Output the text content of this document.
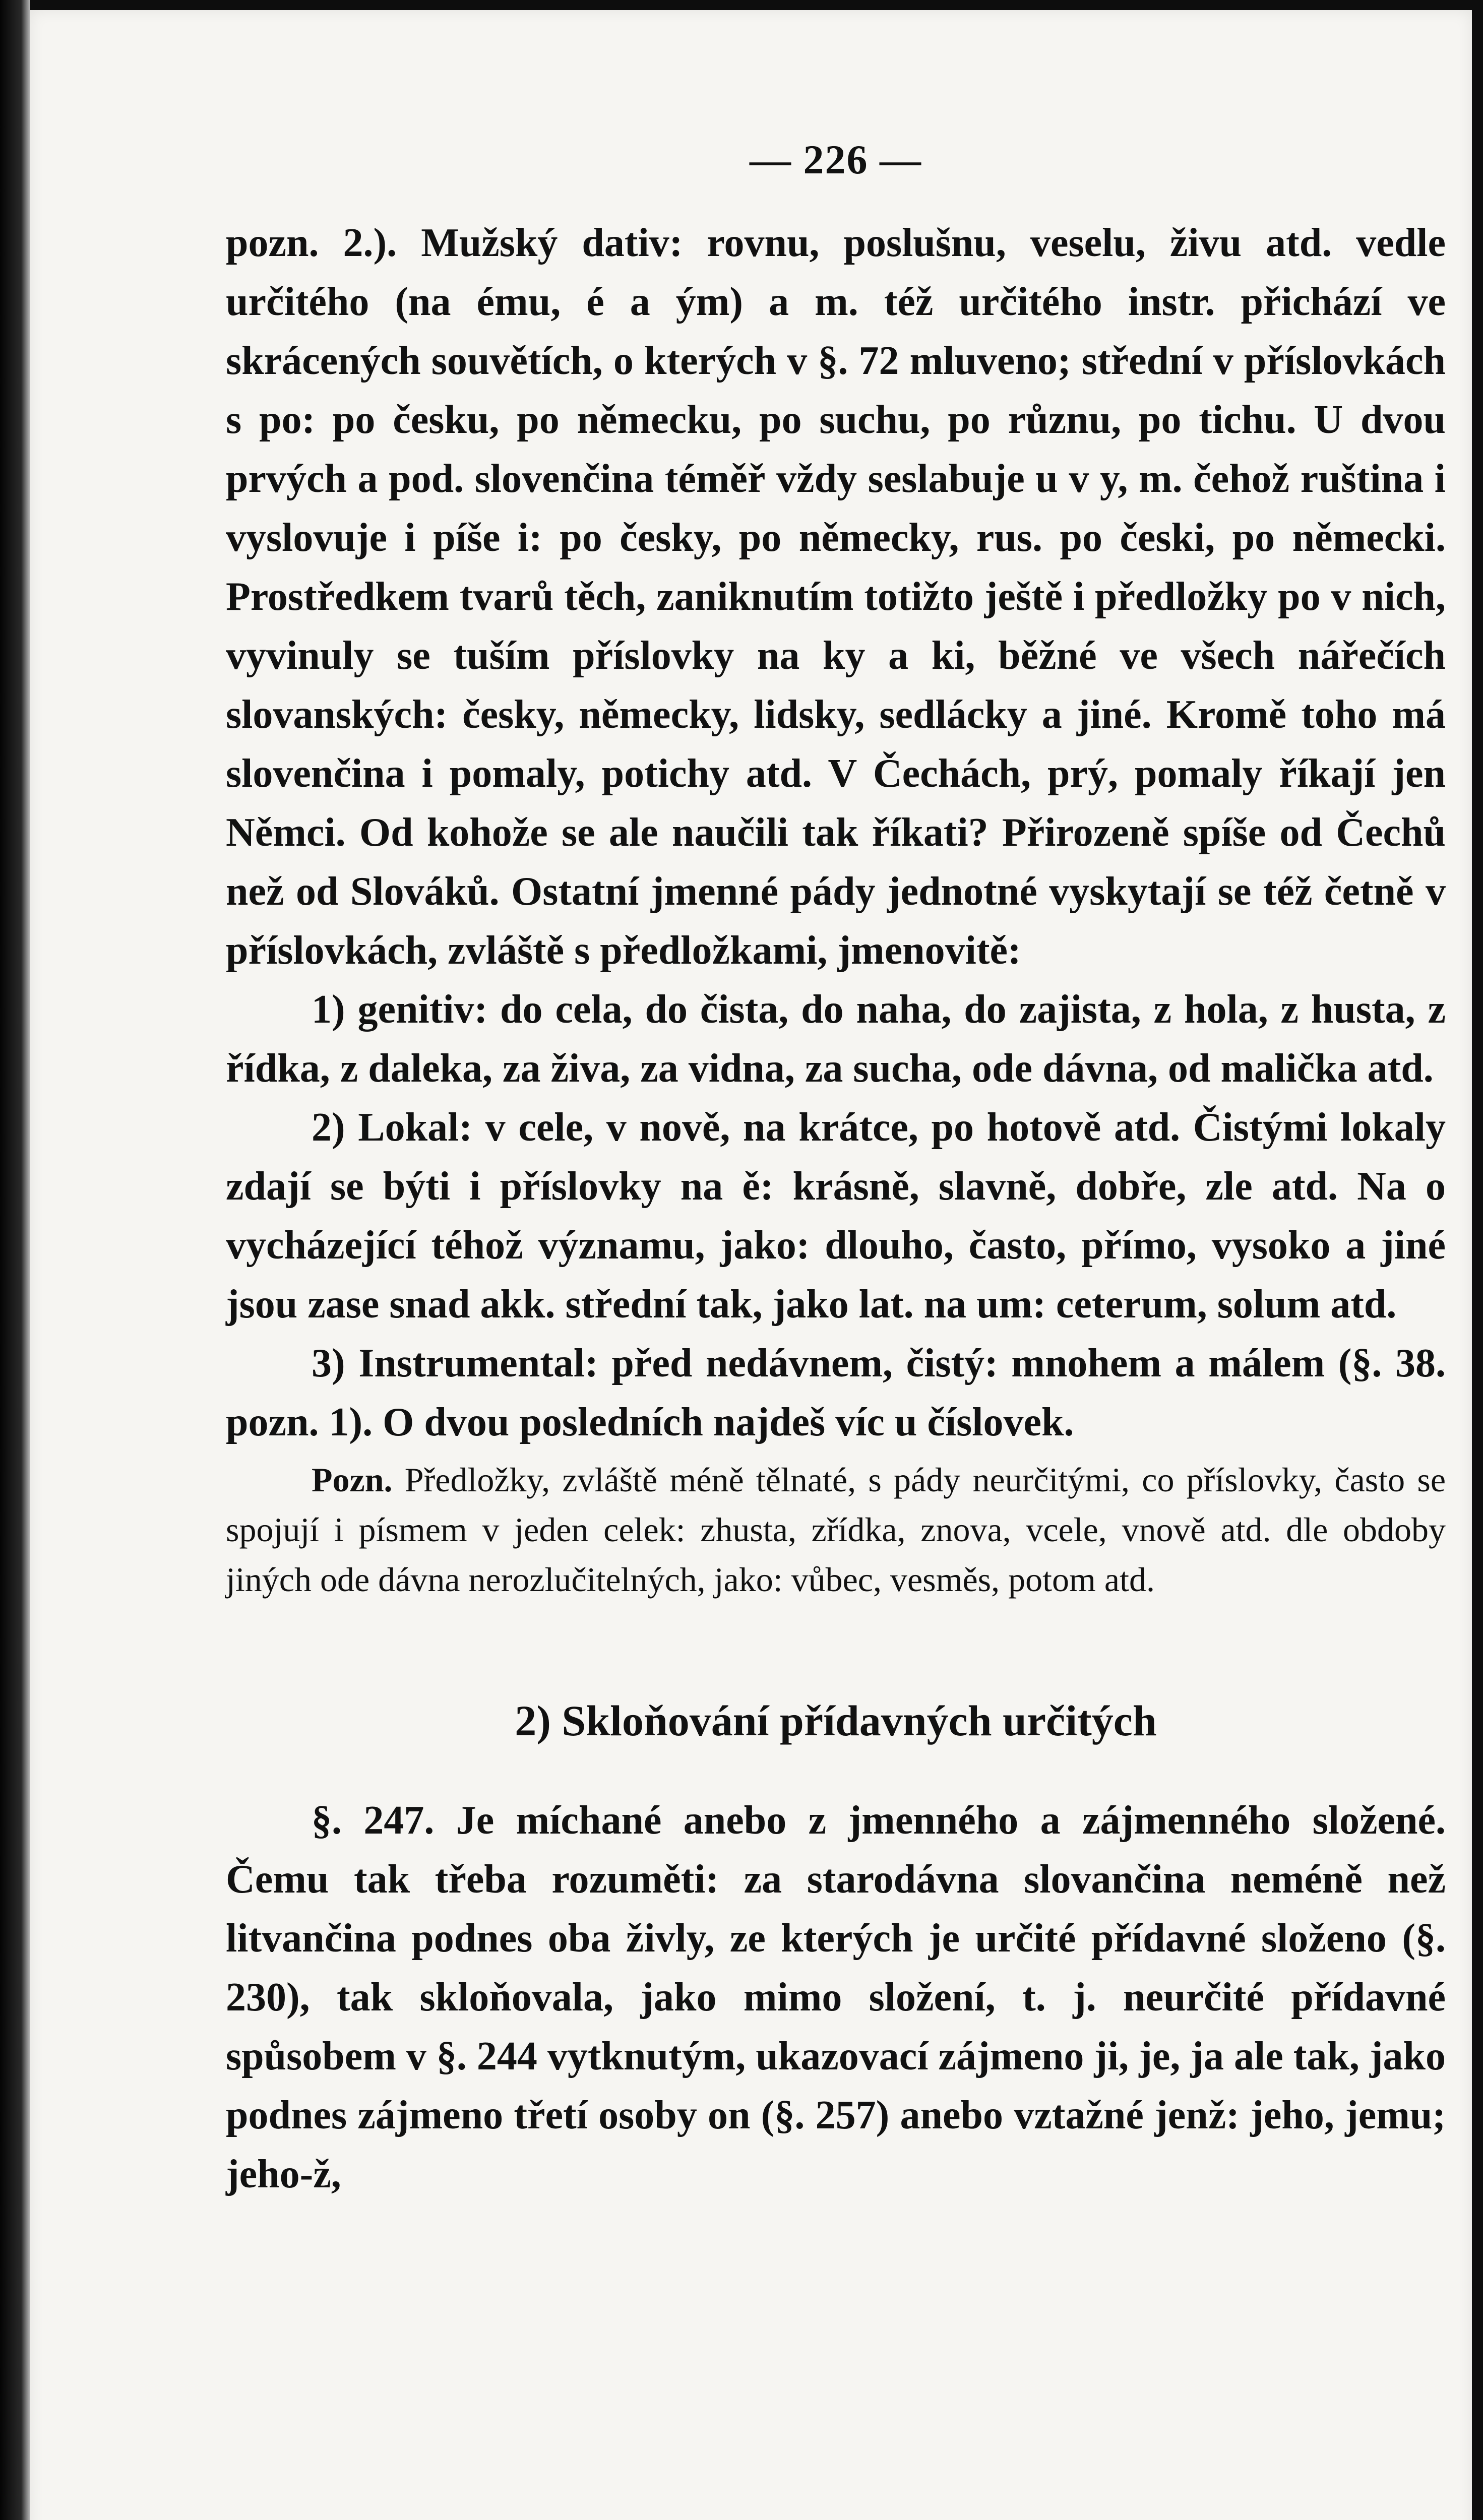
— 226 —

pozn. 2.). Mužský dativ: rovnu, poslušnu, veselu, živu atd. vedle určitého (na ému, é a ým) a m. též určitého instr. přichází ve skrácených souvětích, o kterých v §. 72 mluveno; střední v příslovkách s po: po česku, po německu, po suchu, po různu, po tichu. U dvou prvých a pod. slovenčina téměř vždy seslabuje u v y, m. čehož ruština i vyslovuje i píše i: po česky, po německy, rus. po česki, po německi. Prostředkem tvarů těch, zaniknutím totižto ještě i předložky po v nich, vyvinuly se tuším příslovky na ky a ki, běžné ve všech nářečích slovanských: česky, německy, lidsky, sedlácky a jiné. Kromě toho má slovenčina i pomaly, potichy atd. V Čechách, prý, pomaly říkají jen Němci. Od kohože se ale naučili tak říkati? Přirozeně spíše od Čechů než od Slováků. Ostatní jmenné pády jednotné vyskytají se též četně v příslovkách, zvláště s předložkami, jmenovitě:

1) genitiv: do cela, do čista, do naha, do zajista, z hola, z husta, z řídka, z daleka, za živa, za vidna, za sucha, ode dávna, od malička atd.

2) Lokal: v cele, v nově, na krátce, po hotově atd. Čistými lokaly zdají se býti i příslovky na ě: krásně, slavně, dobře, zle atd. Na o vycházející téhož významu, jako: dlouho, často, přímo, vysoko a jiné jsou zase snad akk. střední tak, jako lat. na um: ceterum, solum atd.

3) Instrumental: před nedávnem, čistý: mnohem a málem (§. 38. pozn. 1). O dvou posledních najdeš víc u číslovek.

Pozn. Předložky, zvláště méně tělnaté, s pády neurčitými, co příslovky, často se spojují i písmem v jeden celek: zhusta, zřídka, znova, vcele, vnově atd. dle obdoby jiných ode dávna nerozlučitelných, jako: vůbec, vesměs, potom atd.

2) Skloňování přídavných určitých

§. 247. Je míchané anebo z jmenného a zájmenného složené. Čemu tak třeba rozuměti: za starodávna slovančina neméně než litvančina podnes oba živly, ze kterých je určité přídavné složeno (§. 230), tak skloňovala, jako mimo složení, t. j. neurčité přídavné spůsobem v §. 244 vytknutým, ukazovací zájmeno ji, je, ja ale tak, jako podnes zájmeno třetí osoby on (§. 257) anebo vztažné jenž: jeho, jemu; jeho-ž,
